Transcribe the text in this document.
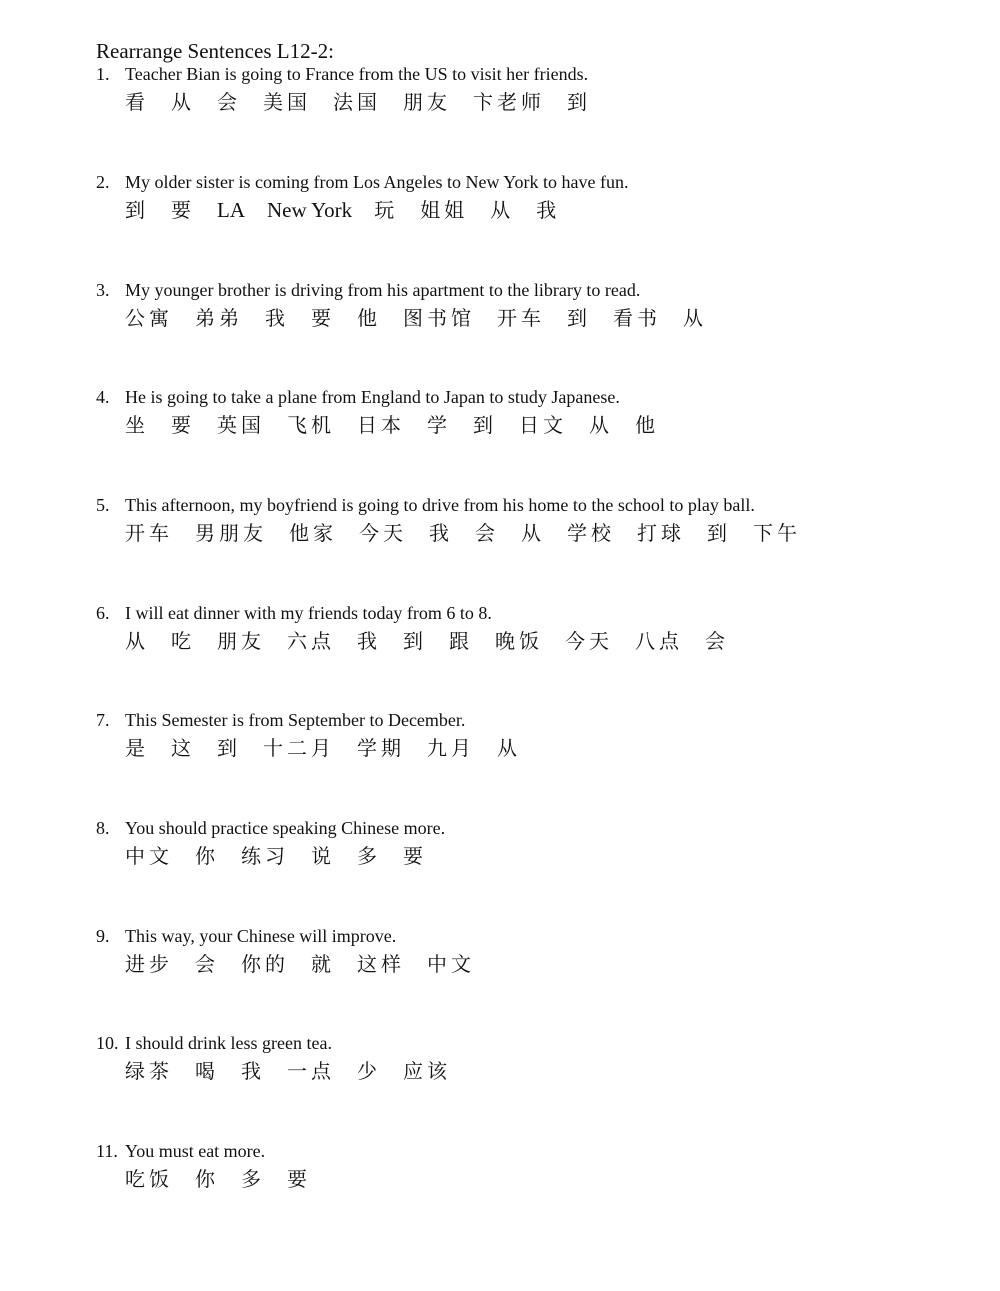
Rearrange Sentences L12-2:
1. Teacher Bian is going to France from the US to visit her friends.
看 从 会 美国 法国 朋友 卞老师 到
2. My older sister is coming from Los Angeles to New York to have fun.
到 要 LA New York 玩 姐姐 从 我
3. My younger brother is driving from his apartment to the library to read.
公寓 弟弟 我 要 他 图书馆 开车 到 看书 从
4. He is going to take a plane from England to Japan to study Japanese.
坐 要 英国 飞机 日本 学 到 日文 从 他
5. This afternoon, my boyfriend is going to drive from his home to the school to play ball.
开车 男朋友 他家 今天 我 会 从 学校 打球 到 下午
6. I will eat dinner with my friends today from 6 to 8.
从 吃 朋友 六点 我 到 跟 晚饭 今天 八点 会
7. This Semester is from September to December.
是 这 到 十二月 学期 九月 从
8. You should practice speaking Chinese more.
中文 你 练习 说 多 要
9. This way, your Chinese will improve.
进步 会 你的 就 这样 中文
10. I should drink less green tea.
绿茶 喝 我 一点 少 应该
11. You must eat more.
吃饭 你 多 要
